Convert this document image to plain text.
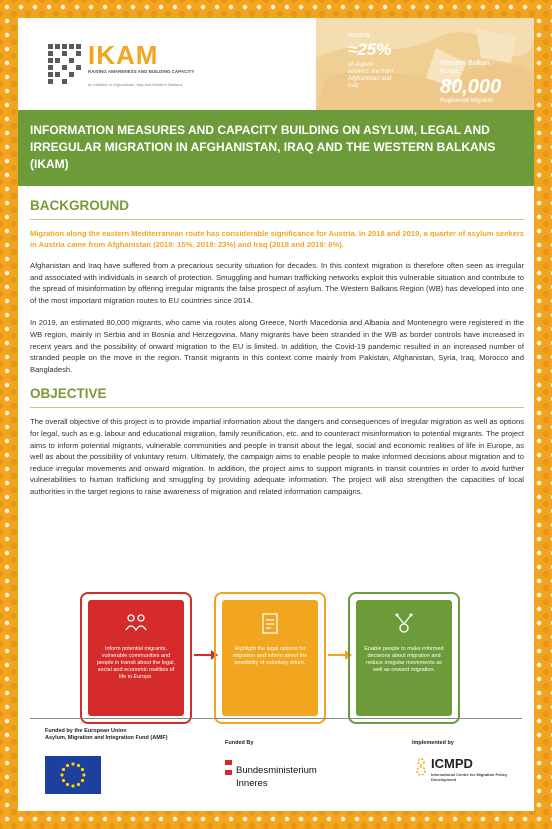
IKAM
RAISING AWARENESS AND BUILDING CAPACITY
an initiative in Afghanistan, Iraq and Western Balkans
Austria
≈25%
of asylum seekers are from Afghanistan and Iraq
Western Balkan Route
80,000
Registered Migrants
INFORMATION MEASURES AND CAPACITY BUILDING ON ASYLUM, LEGAL AND IRREGULAR MIGRATION IN AFGHANISTAN, IRAQ AND THE WESTERN BALKANS (IKAM)
BACKGROUND

Migration along the eastern Mediterranean route has considerable significance for Austria. In 2018 and 2019, a quarter of asylum seekers in Austria came from Afghanistan (2018: 15%, 2019: 23%) and Iraq (2018 and 2019: 6%).

Afghanistan and Iraq have suffered from a precarious security situation for decades. In this context migration is therefore often seen as irregular and associated with individuals in search of protection. Smuggling and human trafficking networks exploit this vulnerable situation and contribute to the spread of misinformation by offering irregular migrants the false prospect of asylum. The Western Balkans Region (WB) has developed into one of the most important migration routes to EU countries since 2014.

In 2019, an estimated 80,000 migrants, who came via routes along Greece, North Macedonia and Albania and Montenegro were registered in the WB region, mainly in Serbia and in Bosnia and Herzegovina. Many migrants have been stranded in the WB as border controls have increased in recent years and the possibility of onward migration to the EU is limited. In addition, the Covid-19 pandemic resulted in an increased number of stranded people on the move in the region. Transit migrants in this context come mainly from Pakistan, Afghanistan, Syria, Iraq, Morocco and Bangladesh.

OBJECTIVE

The overall objective of this project is to provide impartial information about the dangers and consequences of irregular migration as well as options for legal, such as e.g. labour and educational migration, family reunification, etc. and to counteract misinformation to potential migrants. The project aims to inform potential migrants, vulnerable communities and people in transit about the legal, social and economic realities of life in Europe, as well as about the possibility of voluntary return. Ultimately, the campaign aims to enable people to make informed decisions about migration and to reduce irregular movements and onward migration. In addition, the project aims to support migrants in transit countries in order to avoid further vulnerabilities to human trafficking and smuggling by providing adequate information. The project will also strengthen the capacities of local authorities in the target regions to raise awareness of migration and related information campaigns.

Inform potential migrants, vulnerable communities and people in transit about the legal, social and economic realities of life in Europe.
Highlight the legal options for migration and inform about the possibility of voluntary return.
Enable people to make informed decisions about migration and reduce irregular movements as well as onward migration.
Funded by the European Union
Asylum, Migration and Integration Fund (AMIF)
Funded By	Implemented by
Bundesministerium
Inneres
ICMPD
International Centre for Migration Policy Development
